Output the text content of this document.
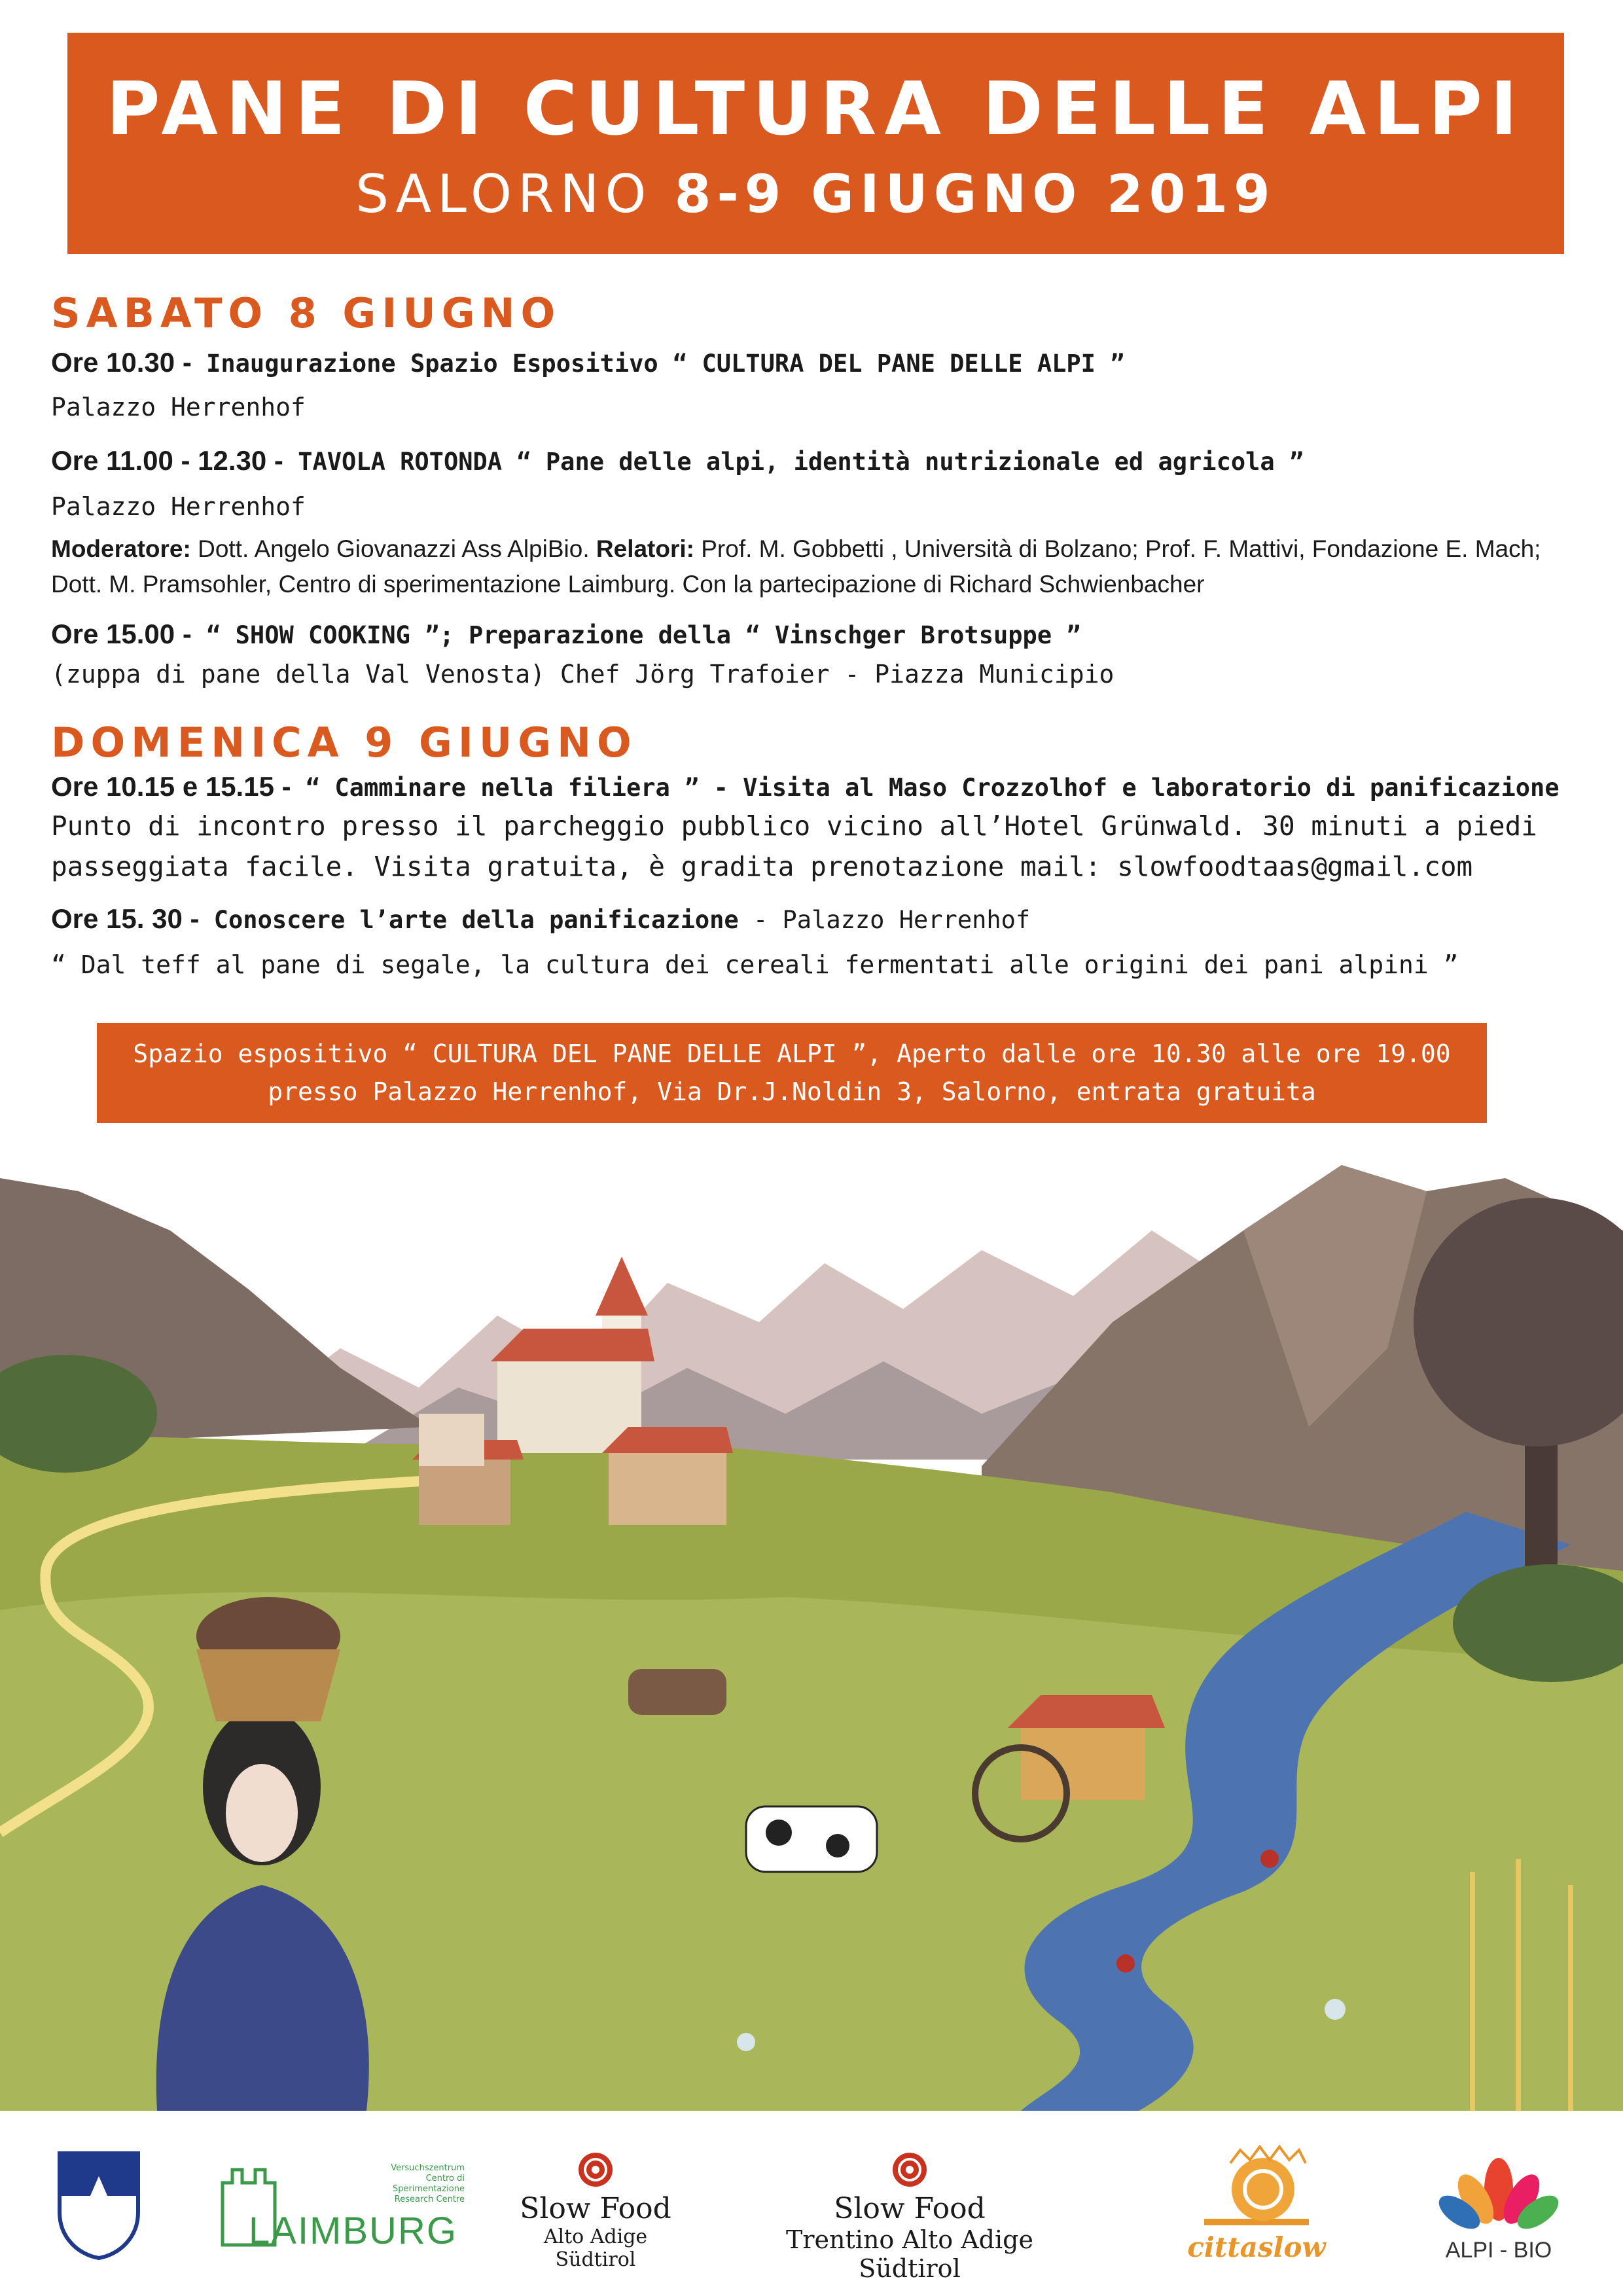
PANE DI CULTURA DELLE ALPI
SALORNO 8-9 GIUGNO 2019
SABATO 8 GIUGNO
Ore 10.30 - Inaugurazione Spazio Espositivo “ CULTURA DEL PANE DELLE ALPI ”
Palazzo Herrenhof
Ore 11.00 - 12.30 - TAVOLA ROTONDA “ Pane delle alpi, identità nutrizionale ed agricola ”
Palazzo Herrenhof
Moderatore: Dott. Angelo Giovanazzi Ass AlpiBio. Relatori: Prof. M. Gobbetti , Università di Bolzano; Prof. F. Mattivi, Fondazione E. Mach; Dott. M. Pramsohler, Centro di sperimentazione Laimburg. Con la partecipazione di Richard Schwienbacher
Ore 15.00 - “ SHOW COOKING ”; Preparazione della “ Vinschger Brotsuppe ”
(zuppa di pane della Val Venosta) Chef Jörg Trafoier - Piazza Municipio
DOMENICA 9 GIUGNO
Ore 10.15 e 15.15 - “ Camminare nella filiera ” - Visita al Maso Crozzolhof e laboratorio di panificazione
Punto di incontro presso il parcheggio pubblico vicino all’Hotel Grünwald. 30 minuti a piedi
passeggiata facile. Visita gratuita, è gradita prenotazione mail: slowfoodtaas@gmail.com
Ore 15. 30 - Conoscere l’arte della panificazione - Palazzo Herrenhof
“ Dal teff al pane di segale, la cultura dei cereali fermentati alle origini dei pani alpini ”
Spazio espositivo “ CULTURA DEL PANE DELLE ALPI ”, Aperto dalle ore 10.30 alle ore 19.00
presso Palazzo Herrenhof, Via Dr.J.Noldin 3, Salorno, entrata gratuita
Versuchszentrum
Centro di Sperimentazione
Research Centre
LAIMBURG
Slow Food
Alto Adige Südtirol
Slow Food
Trentino Alto Adige Südtirol
cittaslow	ALPI - BIO
